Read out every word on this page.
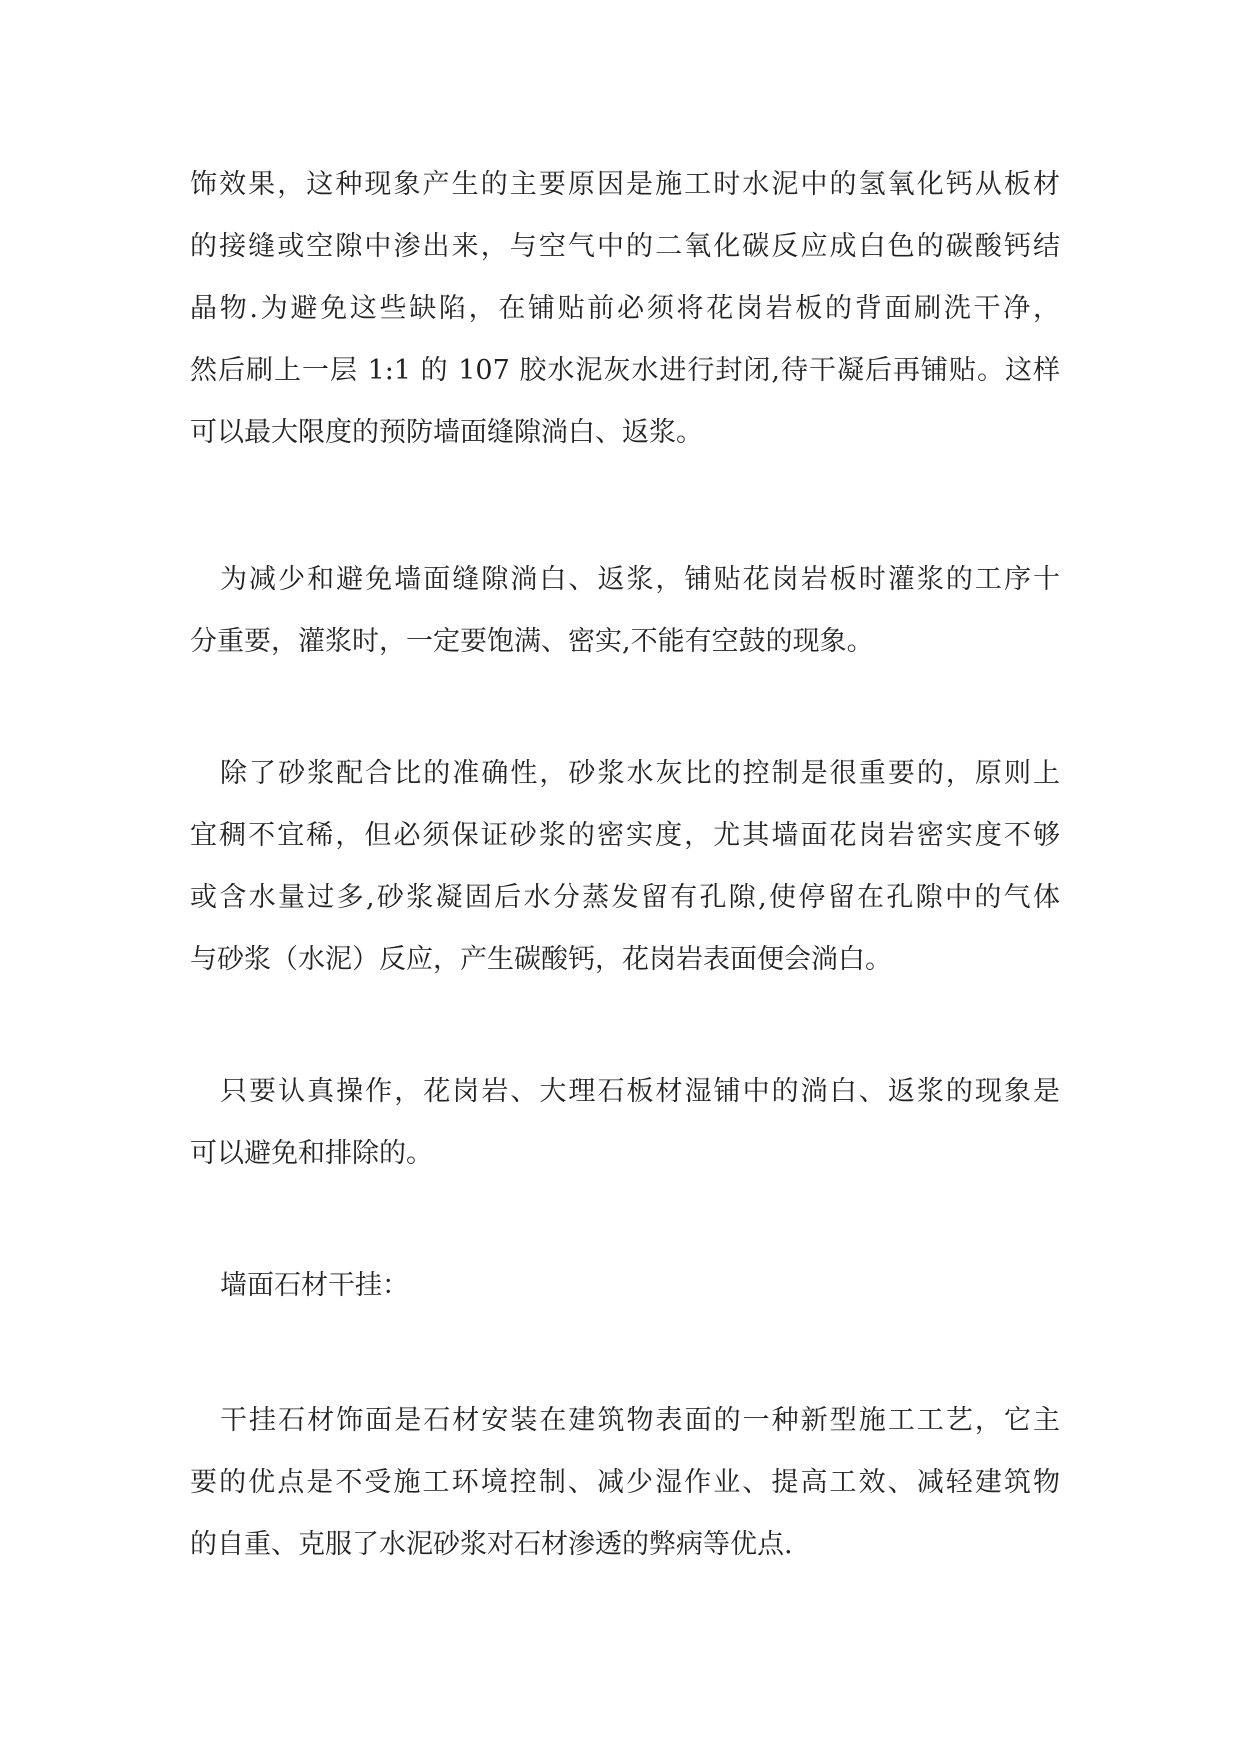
饰效果，这种现象产生的主要原因是施工时水泥中的氢氧化钙从板材
的接缝或空隙中渗出来，与空气中的二氧化碳反应成白色的碳酸钙结
晶物.为避免这些缺陷，在铺贴前必须将花岗岩板的背面刷洗干净，
然后刷上一层 1:1 的 107 胶水泥灰水进行封闭,待干凝后再铺贴。这样
可以最大限度的预防墙面缝隙淌白、返浆。
为减少和避免墙面缝隙淌白、返浆，铺贴花岗岩板时灌浆的工序十
分重要，灌浆时，一定要饱满、密实,不能有空鼓的现象。
除了砂浆配合比的准确性，砂浆水灰比的控制是很重要的，原则上
宜稠不宜稀，但必须保证砂浆的密实度，尤其墙面花岗岩密实度不够
或含水量过多,砂浆凝固后水分蒸发留有孔隙,使停留在孔隙中的气体
与砂浆（水泥）反应，产生碳酸钙，花岗岩表面便会淌白。
只要认真操作，花岗岩、大理石板材湿铺中的淌白、返浆的现象是
可以避免和排除的。
墙面石材干挂：
干挂石材饰面是石材安装在建筑物表面的一种新型施工工艺，它主
要的优点是不受施工环境控制、减少湿作业、提高工效、减轻建筑物
的自重、克服了水泥砂浆对石材渗透的弊病等优点.
